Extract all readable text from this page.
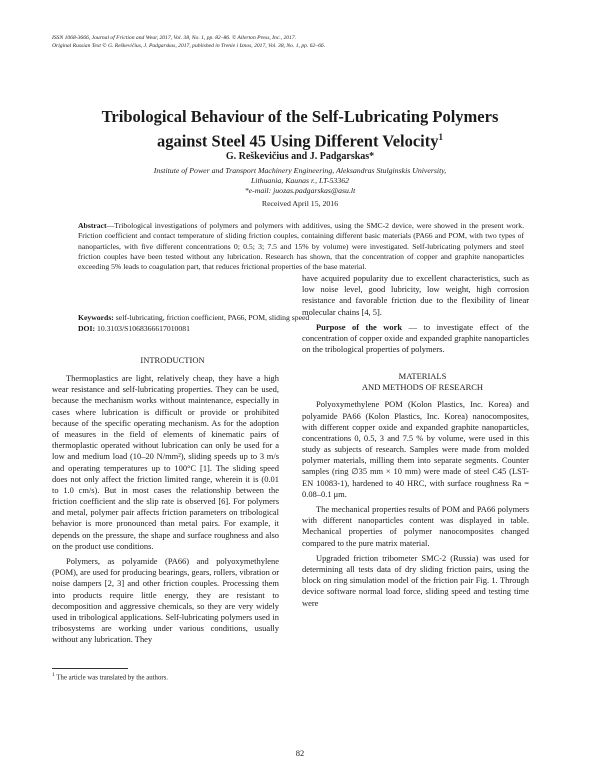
ISSN 1068-3666, Journal of Friction and Wear, 2017, Vol. 38, No. 1, pp. 82–86. © Allerton Press, Inc., 2017.
Original Russian Text © G. Reškevičius, J. Padgarskas, 2017, published in Trenie i Iznos, 2017, Vol. 38, No. 1, pp. 62–66.
Tribological Behaviour of the Self-Lubricating Polymers
against Steel 45 Using Different Velocity$^1$
G. Reškevičius and J. Padgarskas*
Institute of Power and Transport Machinery Engineering, Aleksandras Stulginskis University,
Lithuania, Kaunas r., LT-53362
*e-mail: juozas.padgarskas@asu.lt
Received April 15, 2016
Abstract—Tribological investigations of polymers and polymers with additives, using the SMC-2 device, were showed in the present work. Friction coefficient and contact temperature of sliding friction couples, containing different basic materials (PA66 and POM, with two types of nanoparticles, with five different concentrations 0; 0.5; 3; 7.5 and 15% by volume) were investigated. Self-lubricating polymers and steel friction couples have been tested without any lubrication. Research has shown, that the concentration of copper and graphite nanoparticles exceeding 5% leads to coagulation part, that reduces frictional properties of the base material.
Keywords: self-lubricating, friction coefficient, PA66, POM, sliding speed
DOI: 10.3103/S1068366617010081

INTRODUCTION

Thermoplastics are light, relatively cheap, they have a high wear resistance and self-lubricating properties. They can be used, because the mechanism works without maintenance, especially in cases where lubrication is difficult or provide or prohibited because of the specific operating mechanism. As for the adoption of measures in the field of elements of kinematic pairs of thermoplastic operated without lubrication can only be used for a low and medium load (10–20 N/mm²), sliding speeds up to 3 m/s and operating temperatures up to 100°C [1]. The sliding speed does not only affect the friction limited range, wherein it is (0.01 to 1.0 cm/s). But in most cases the relationship between the friction coefficient and the slip rate is observed [6]. For polymers and metal, polymer pair affects friction parameters on tribological behavior is more pronounced than metal pairs. For example, it depends on the pressure, the shape and surface roughness and also on the product use conditions.

Polymers, as polyamide (PA66) and polyoxymethylene (POM), are used for producing bearings, gears, rollers, vibration or noise dampers [2, 3] and other friction couples. Processing them into products require little energy, they are resistant to decomposition and aggressive chemicals, so they are very widely used in tribological applications. Self-lubricating polymers used in tribosystems are working under various conditions, usually without any lubrication. They

have acquired popularity due to excellent characteristics, such as low noise level, good lubricity, low weight, high corrosion resistance and favorable friction due to the flexibility of linear molecular chains [4, 5].

Purpose of the work — to investigate effect of the concentration of copper oxide and expanded graphite nanoparticles on the tribological properties of polymers.

MATERIALS

AND METHODS OF RESEARCH

Polyoxymethylene POM (Kolon Plastics, Inc. Korea) and polyamide PA66 (Kolon Plastics, Inc. Korea) nanocomposites, with different copper oxide and expanded graphite nanoparticles, concentrations 0, 0.5, 3 and 7.5 % by volume, were used in this study as subjects of research. Samples were made from molded polymer materials, milling them into separate segments. Counter samples (ring ∅35 mm × 10 mm) were made of steel C45 (LST-EN 10083-1), hardened to 40 HRC, with surface roughness Ra = 0.08–0.1 μm.

The mechanical properties results of POM and PA66 polymers with different nanoparticles content was displayed in table. Mechanical properties of polymer nanocomposites changed compared to the pure matrix material.

Upgraded friction tribometer SMC-2 (Russia) was used for determining all tests data of dry sliding friction pairs, using the block on ring simulation model of the friction pair Fig. 1. Through device software normal load force, sliding speed and testing time were

$^1$ The article was translated by the authors.
82
